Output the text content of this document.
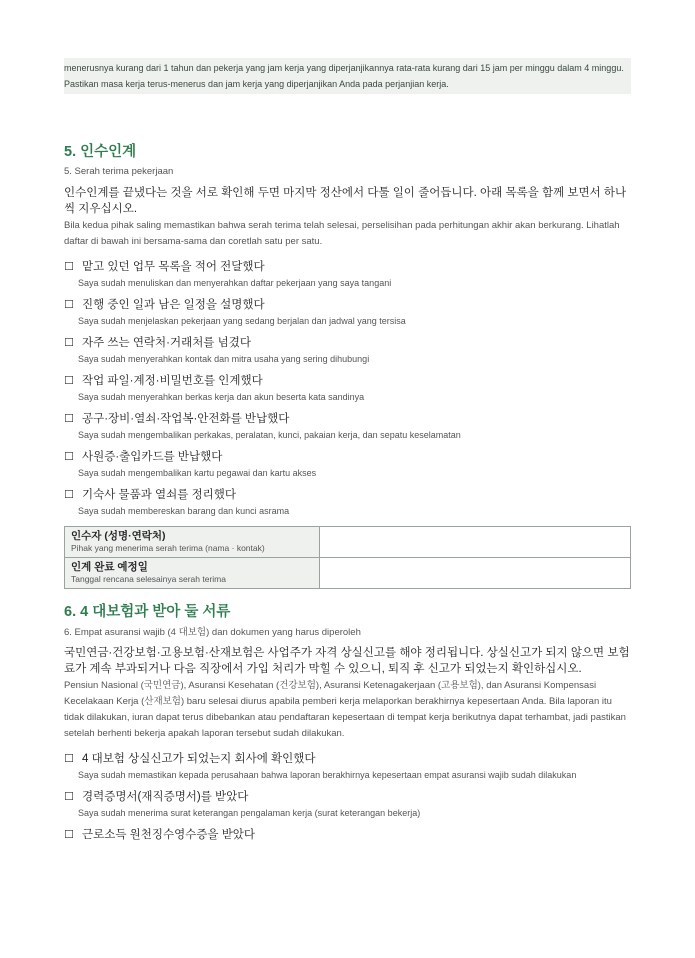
menerusnya kurang dari 1 tahun dan pekerja yang jam kerja yang diperjanjikannya rata-rata kurang dari 15 jam per minggu dalam 4 minggu. Pastikan masa kerja terus-menerus dan jam kerja yang diperjanjikan Anda pada perjanjian kerja.
5. 인수인계
5. Serah terima pekerjaan
인수인계를 끝냈다는 것을 서로 확인해 두면 마지막 정산에서 다툴 일이 줄어듭니다. 아래 목록을 함께 보면서 하나씩 지우십시오.
Bila kedua pihak saling memastikan bahwa serah terima telah selesai, perselisihan pada perhitungan akhir akan berkurang. Lihatlah daftar di bawah ini bersama-sama dan coretlah satu per satu.
☐ 맡고 있던 업무 목록을 적어 전달했다
Saya sudah menuliskan dan menyerahkan daftar pekerjaan yang saya tangani
☐ 진행 중인 일과 남은 일정을 설명했다
Saya sudah menjelaskan pekerjaan yang sedang berjalan dan jadwal yang tersisa
☐ 자주 쓰는 연락처·거래처를 넘겼다
Saya sudah menyerahkan kontak dan mitra usaha yang sering dihubungi
☐ 작업 파일·계정·비밀번호를 인계했다
Saya sudah menyerahkan berkas kerja dan akun beserta kata sandinya
☐ 공구·장비·열쇠·작업복·안전화를 반납했다
Saya sudah mengembalikan perkakas, peralatan, kunci, pakaian kerja, dan sepatu keselamatan
☐ 사원증·출입카드를 반납했다
Saya sudah mengembalikan kartu pegawai dan kartu akses
☐ 기숙사 물품과 열쇠를 정리했다
Saya sudah membereskan barang dan kunci asrama
인수자 (성명·연락처)
Pihak yang menerima serah terima (nama · kontak)	

인계 완료 예정일
Tanggal rencana selesainya serah terima	

6. 4 대보험과 받아 둘 서류
6. Empat asuransi wajib (4 대보험) dan dokumen yang harus diperoleh
국민연금·건강보험·고용보험·산재보험은 사업주가 자격 상실신고를 해야 정리됩니다. 상실신고가 되지 않으면 보험료가 계속 부과되거나 다음 직장에서 가입 처리가 막힐 수 있으니, 퇴직 후 신고가 되었는지 확인하십시오.
Pensiun Nasional (국민연금), Asuransi Kesehatan (건강보험), Asuransi Ketenagakerjaan (고용보험), dan Asuransi Kompensasi Kecelakaan Kerja (산재보험) baru selesai diurus apabila pemberi kerja melaporkan berakhirnya kepesertaan Anda. Bila laporan itu tidak dilakukan, iuran dapat terus dibebankan atau pendaftaran kepesertaan di tempat kerja berikutnya dapat terhambat, jadi pastikan setelah berhenti bekerja apakah laporan tersebut sudah dilakukan.
☐ 4 대보험 상실신고가 되었는지 회사에 확인했다
Saya sudah memastikan kepada perusahaan bahwa laporan berakhirnya kepesertaan empat asuransi wajib sudah dilakukan
☐ 경력증명서(재직증명서)를 받았다
Saya sudah menerima surat keterangan pengalaman kerja (surat keterangan bekerja)
☐ 근로소득 원천징수영수증을 받았다
